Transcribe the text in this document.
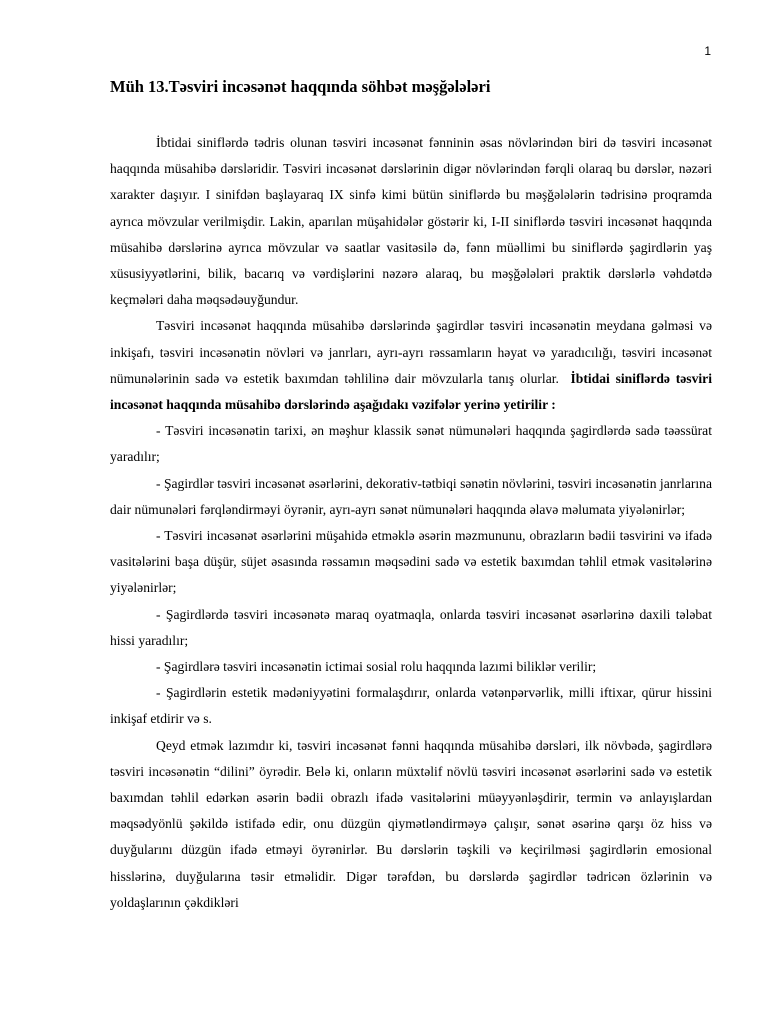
1
Müh 13.Təsviri incəsənət haqqında söhbət məşğələləri

İbtidai siniflərdə tədris olunan təsviri incəsənət fənninin əsas növlərindən biri də təsviri incəsənət haqqında müsahibə dərsləridir. Təsviri incəsənət dərslərinin digər növlərindən fərqli olaraq bu dərslər, nəzəri xarakter daşıyır. I sinifdən başlayaraq IX sinfə kimi bütün siniflərdə bu məşğələlərin tədrisinə proqramda ayrıca mövzular verilmişdir. Lakin, aparılan müşahidələr göstərir ki, I-II siniflərdə təsviri incəsənət haqqında müsahibə dərslərinə ayrıca mövzular və saatlar vasitəsilə də, fənn müəllimi bu siniflərdə şagirdlərin yaş xüsusiyyətlərini, bilik, bacarıq və vərdişlərini nəzərə alaraq, bu məşğələləri praktik dərslərlə vəhdətdə keçmələri daha məqsədəuyğundur.

Təsviri incəsənət haqqında müsahibə dərslərində şagirdlər təsviri incəsənətin meydana gəlməsi və inkişafı, təsviri incəsənətin növləri və janrları, ayrı-ayrı rəssamların həyat və yaradıcılığı, təsviri incəsənət nümunələrinin sadə və estetik baxımdan təhlilinə dair mövzularla tanış olurlar. İbtidai siniflərdə təsviri incəsənət haqqında müsahibə dərslərində aşağıdakı vəzifələr yerinə yetirilir :

- Təsviri incəsənətin tarixi, ən məşhur klassik sənət nümunələri haqqında şagirdlərdə sadə təəssürat yaradılır;

- Şagirdlər təsviri incəsənət əsərlərini, dekorativ-tətbiqi sənətin növlərini, təsviri incəsənətin janrlarına dair nümunələri fərqləndirməyi öyrənir, ayrı-ayrı sənət nümunələri haqqında əlavə məlumata yiyələnirlər;

- Təsviri incəsənət əsərlərini müşahidə etməklə əsərin məzmununu, obrazların bədii təsvirini və ifadə vasitələrini başa düşür, süjet əsasında rəssamın məqsədini sadə və estetik baxımdan təhlil etmək vasitələrinə yiyələnirlər;

- Şagirdlərdə təsviri incəsənətə maraq oyatmaqla, onlarda təsviri incəsənət əsərlərinə daxili tələbat hissi yaradılır;

- Şagirdlərə təsviri incəsənətin ictimai sosial rolu haqqında lazımi biliklər verilir;

- Şagirdlərin estetik mədəniyyətini formalaşdırır, onlarda vətənpərvərlik, milli iftixar, qürur hissini inkişaf etdirir və s.

Qeyd etmək lazımdır ki, təsviri incəsənət fənni haqqında müsahibə dərsləri, ilk növbədə, şagirdlərə təsviri incəsənətin “dilini” öyrədir. Belə ki, onların müxtəlif növlü təsviri incəsənət əsərlərini sadə və estetik baxımdan təhlil edərkən əsərin bədii obrazlı ifadə vasitələrini müəyyənləşdirir, termin və anlayışlardan məqsədyönlü şəkildə istifadə edir, onu düzgün qiymətləndirməyə çalışır, sənət əsərinə qarşı öz hiss və duyğularını düzgün ifadə etməyi öyrənirlər. Bu dərslərin təşkili və keçirilməsi şagirdlərin emosional hisslərinə, duyğularına təsir etməlidir. Digər tərəfdən, bu dərslərdə şagirdlər tədricən özlərinin və yoldaşlarının çəkdikləri
